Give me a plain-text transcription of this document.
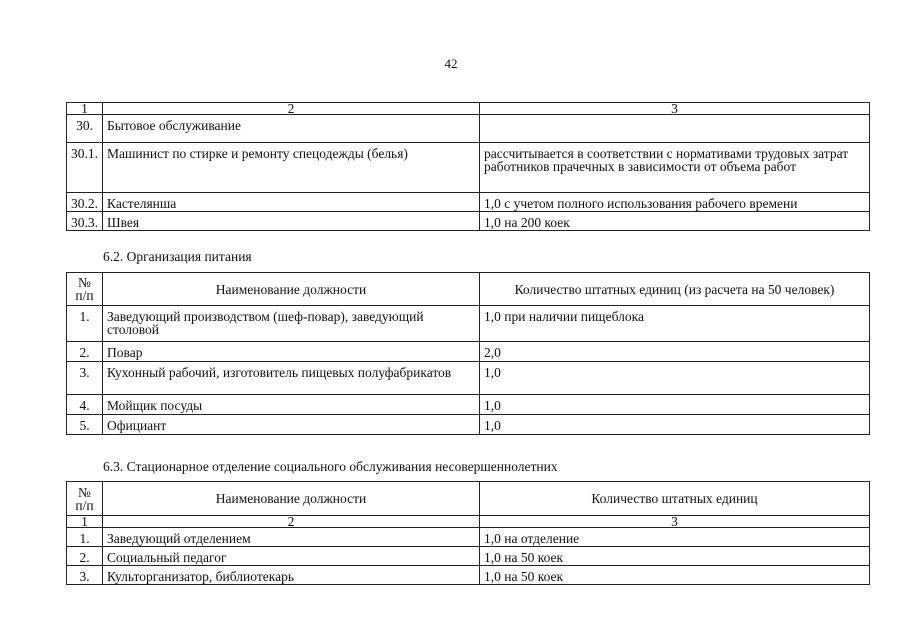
42
1	2	3
30.	Бытовое обслуживание	
30.1.	Машинист по стирке и ремонту спецодежды (белья)	рассчитывается в соответствии с нормативами трудовых затрат работников прачечных в зависимости от объема работ
30.2.	Кастелянша	1,0 с учетом полного использования рабочего времени
30.3.	Швея	1,0 на 200 коек
6.2. Организация питания
№ п/п	Наименование должности	Количество штатных единиц (из расчета на 50 человек)
1.	Заведующий производством (шеф-повар), заведующий столовой	1,0 при наличии пищеблока
2.	Повар	2,0
3.	Кухонный рабочий, изготовитель пищевых полуфабрикатов	1,0
4.	Мойщик посуды	1,0
5.	Официант	1,0
6.3. Стационарное отделение социального обслуживания несовершеннолетних
№ п/п	Наименование должности	Количество штатных единиц
1	2	3
1.	Заведующий отделением	1,0 на отделение
2.	Социальный педагог	1,0 на 50 коек
3.	Культорганизатор, библиотекарь	1,0 на 50 коек
